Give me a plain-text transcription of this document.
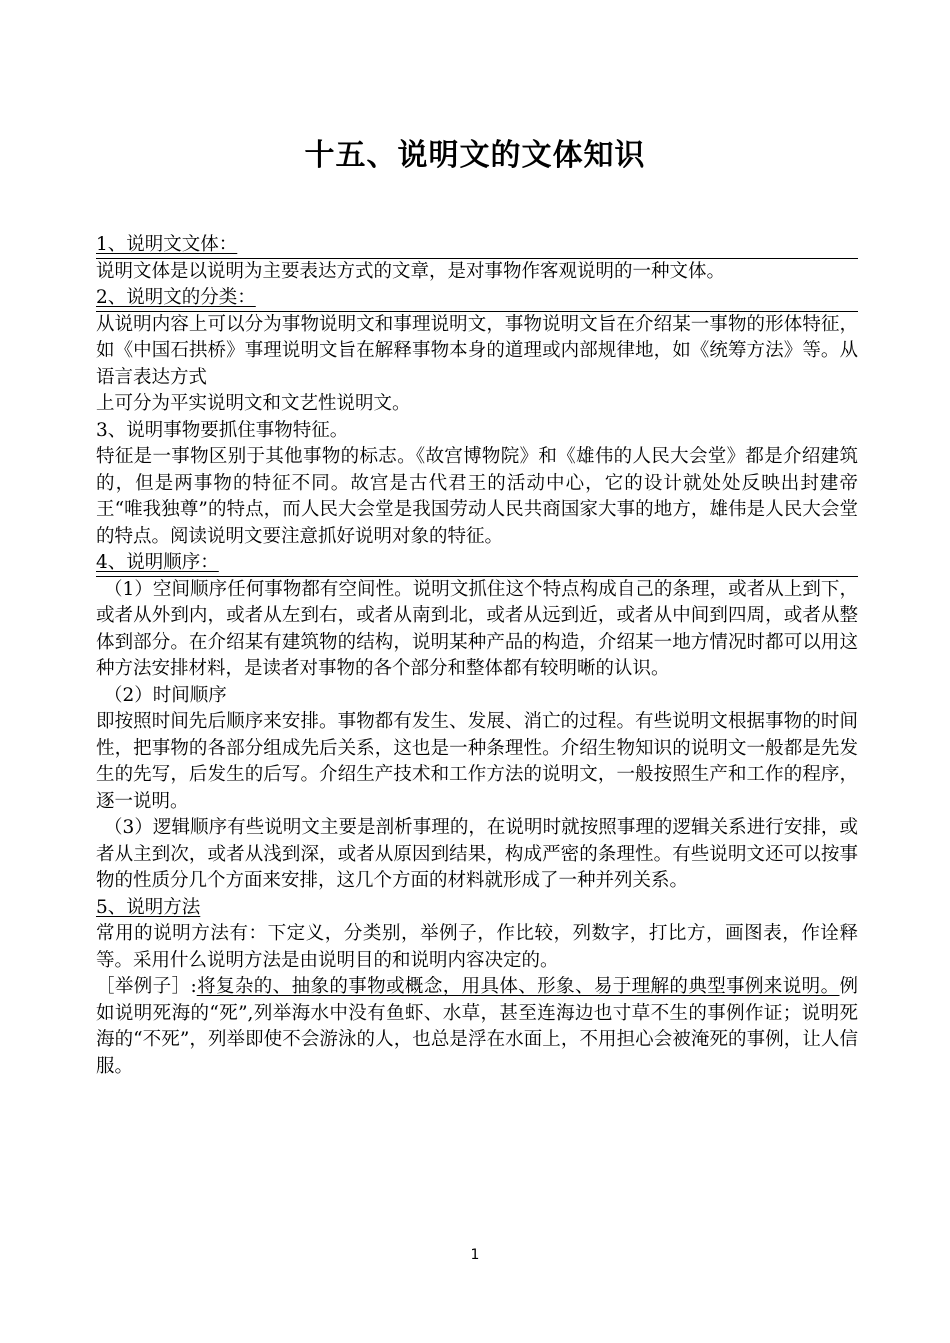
十五、说明文的文体知识
1、说明文文体：

说明文体是以说明为主要表达方式的文章，是对事物作客观说明的一种文体。

2、说明文的分类：

从说明内容上可以分为事物说明文和事理说明文，事物说明文旨在介绍某一事物的形体特征，如《中国石拱桥》事理说明文旨在解释事物本身的道理或内部规律地，如《统筹方法》等。从语言表达方式

上可分为平实说明文和文艺性说明文。

3、说明事物要抓住事物特征。

特征是一事物区别于其他事物的标志。《故宫博物院》和《雄伟的人民大会堂》都是介绍建筑的，但是两事物的特征不同。故宫是古代君王的活动中心，它的设计就处处反映出封建帝王“唯我独尊”的特点，而人民大会堂是我国劳动人民共商国家大事的地方，雄伟是人民大会堂的特点。阅读说明文要注意抓好说明对象的特征。

4、说明顺序：

（1）空间顺序任何事物都有空间性。说明文抓住这个特点构成自己的条理，或者从上到下，或者从外到内，或者从左到右，或者从南到北，或者从远到近，或者从中间到四周，或者从整体到部分。在介绍某有建筑物的结构，说明某种产品的构造，介绍某一地方情况时都可以用这种方法安排材料，是读者对事物的各个部分和整体都有较明晰的认识。

（2）时间顺序

即按照时间先后顺序来安排。事物都有发生、发展、消亡的过程。有些说明文根据事物的时间性，把事物的各部分组成先后关系，这也是一种条理性。介绍生物知识的说明文一般都是先发生的先写，后发生的后写。介绍生产技术和工作方法的说明文，一般按照生产和工作的程序，逐一说明。

（3）逻辑顺序有些说明文主要是剖析事理的，在说明时就按照事理的逻辑关系进行安排，或者从主到次，或者从浅到深，或者从原因到结果，构成严密的条理性。有些说明文还可以按事物的性质分几个方面来安排，这几个方面的材料就形成了一种并列关系。

5、说明方法

常用的说明方法有：下定义，分类别，举例子，作比较，列数字，打比方，画图表，作诠释等。采用什么说明方法是由说明目的和说明内容决定的。

［举例子］:将复杂的、抽象的事物或概念，用具体、形象、易于理解的典型事例来说明。例如说明死海的“死”,列举海水中没有鱼虾、水草，甚至连海边也寸草不生的事例作证；说明死海的“不死”，列举即使不会游泳的人，也总是浮在水面上，不用担心会被淹死的事例，让人信服。

1
